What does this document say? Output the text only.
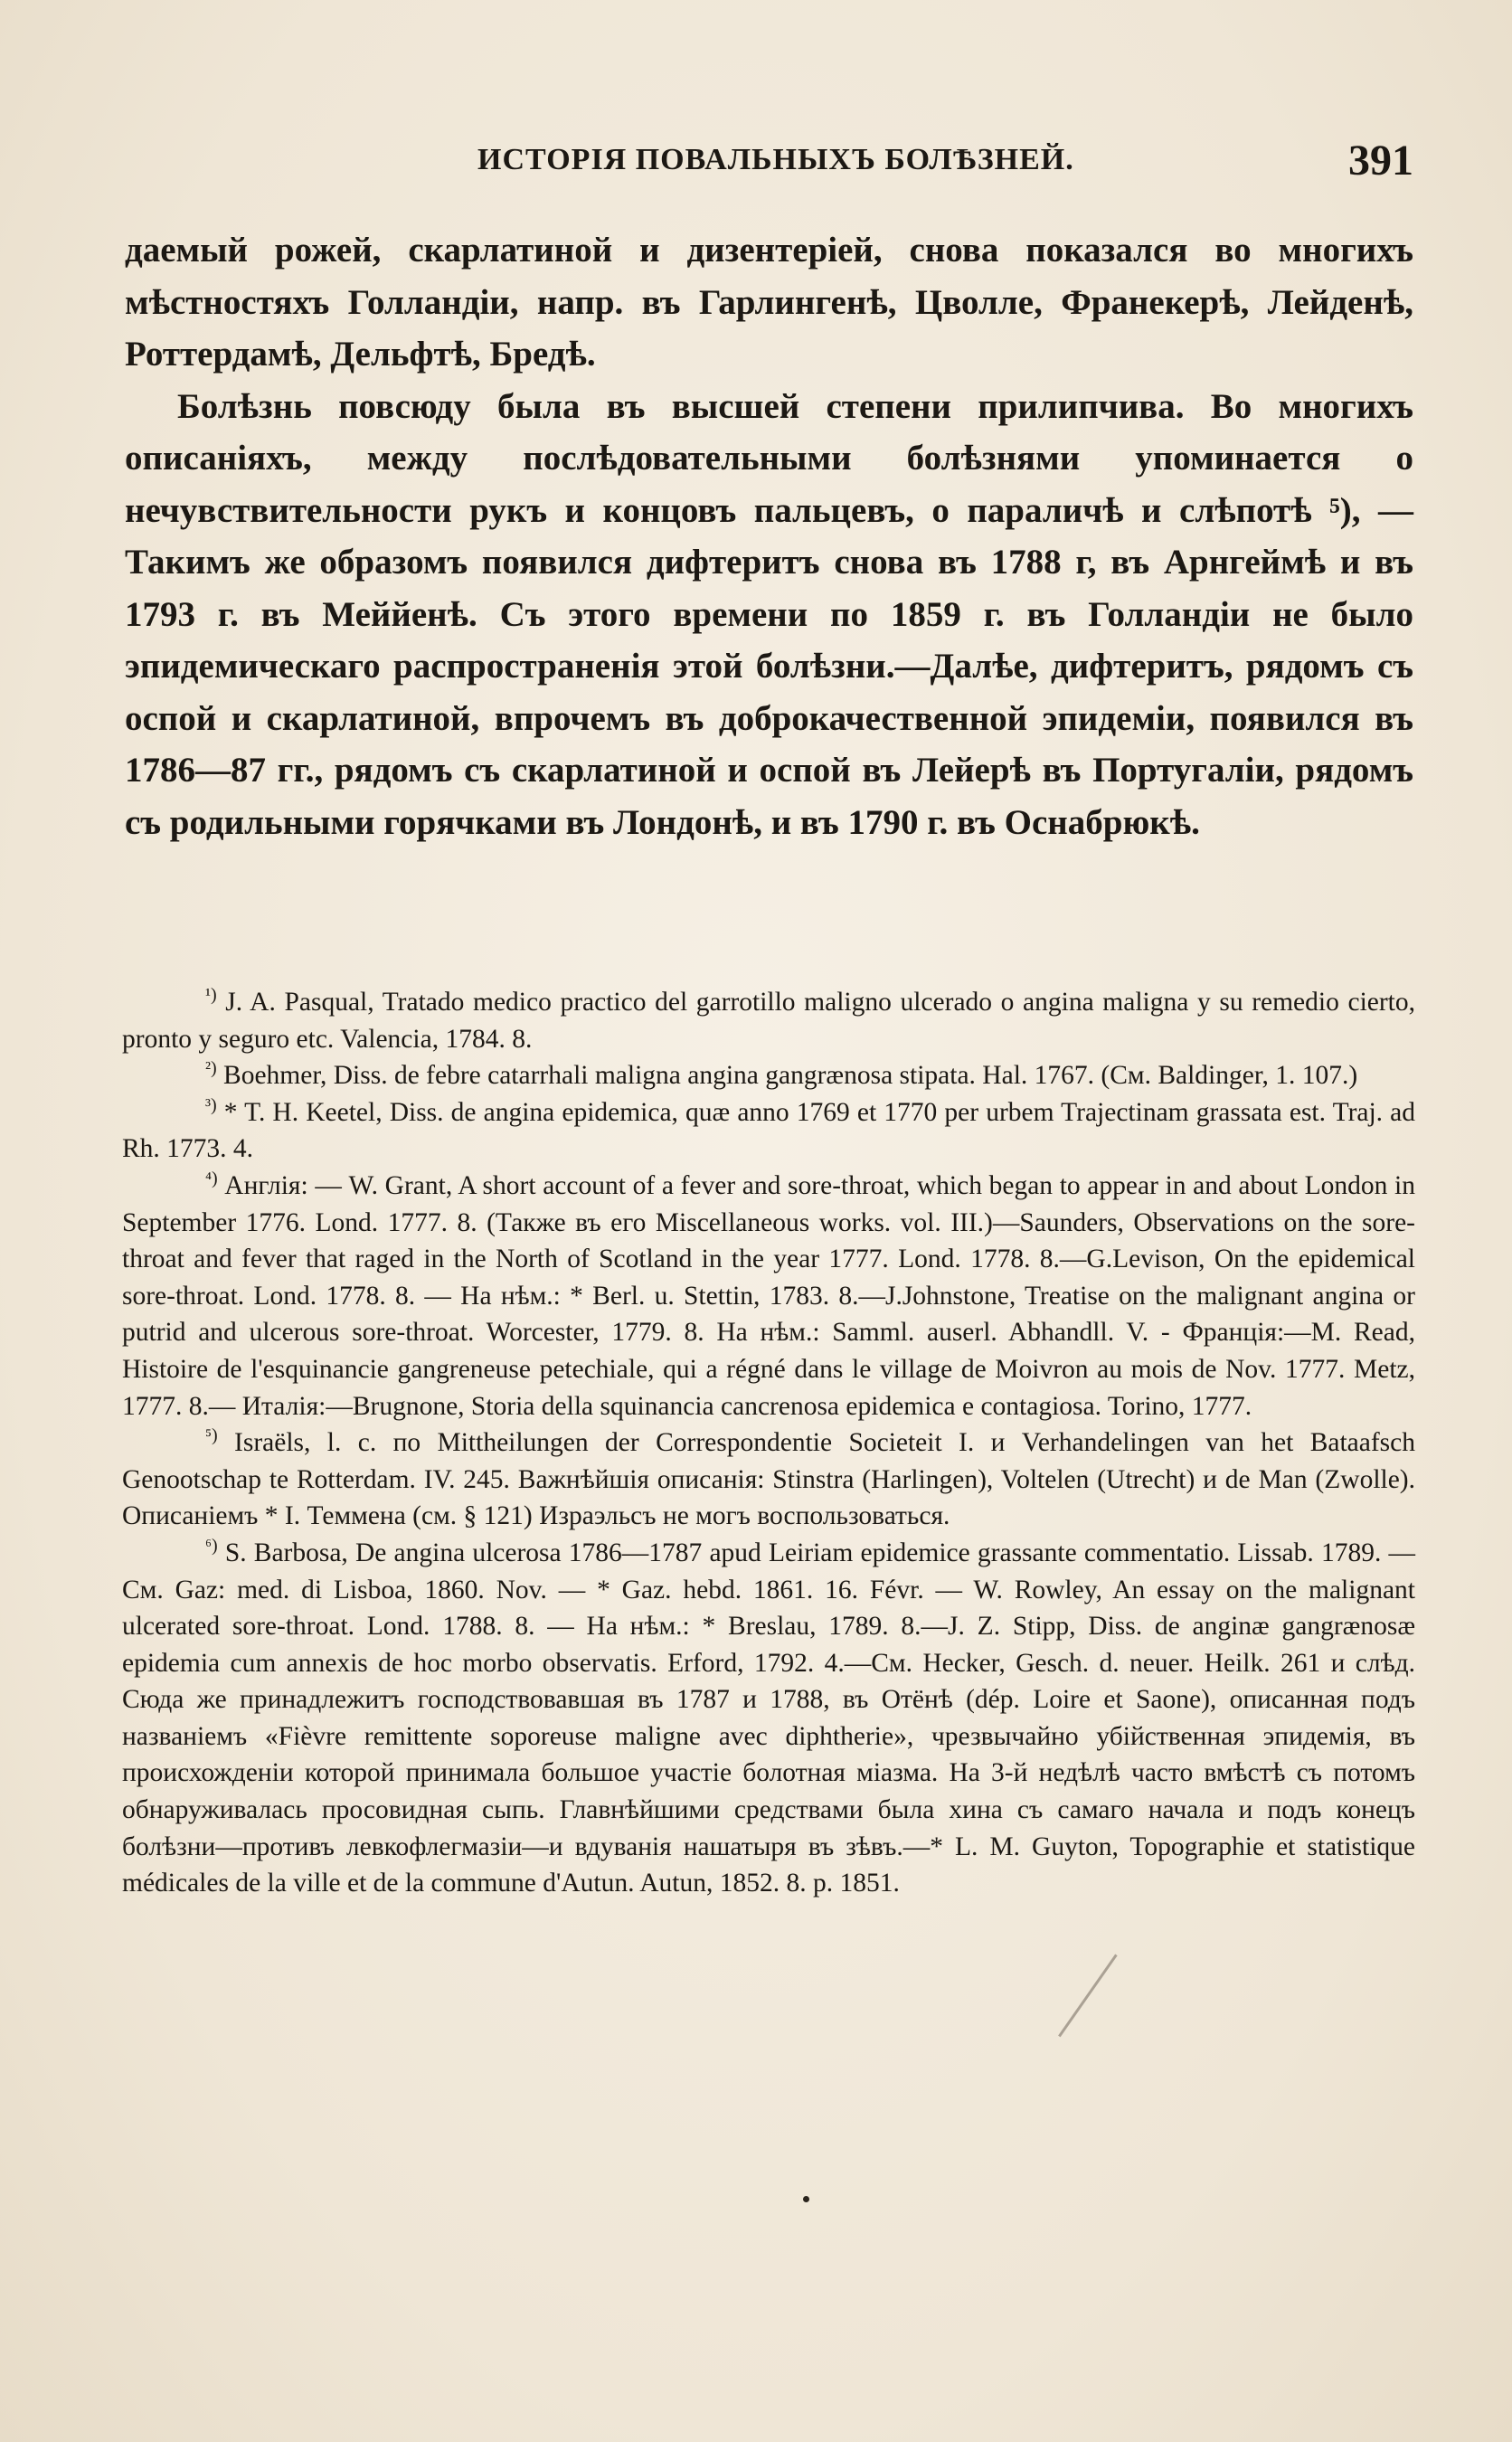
ИСТОРІЯ ПОВАЛЬНЫХЪ БОЛѢЗНЕЙ.	391

даемый рожей, скарлатиной и дизентеріей, снова показался во многихъ мѣстностяхъ Голландіи, напр. въ Гарлингенѣ, Цволле, Франекерѣ, Лейденѣ, Роттердамѣ, Дельфтѣ, Бредѣ.

Болѣзнь повсюду была въ высшей степени прилипчива. Во многихъ описаніяхъ, между послѣдовательными болѣзнями упоминается о нечувствительности рукъ и концовъ пальцевъ, о параличѣ и слѣпотѣ ⁵), — Такимъ же образомъ появился дифтеритъ снова въ 1788 г, въ Арнгеймѣ и въ 1793 г. въ Меййенѣ. Съ этого времени по 1859 г. въ Голландіи не было эпидемическаго распространенія этой болѣзни.—Далѣе, дифтеритъ, рядомъ съ оспой и скарлатиной, впрочемъ въ доброкачественной эпидеміи, появился въ 1786—87 гг., рядомъ съ скарлатиной и оспой въ Лейерѣ въ Португаліи, рядомъ съ родильными горячками въ Лондонѣ, и въ 1790 г. въ Оснабрюкѣ.

$^{^1)}$ J. A. Pasqual, Tratado medico practico del garrotillo maligno ulcerado o angina maligna y su remedio cierto, pronto y seguro etc. Valencia, 1784. 8.

$^{^2)}$ Boehmer, Diss. de febre catarrhali maligna angina gangrænosa stipata. Hal. 1767. (См. Baldinger, 1. 107.)

$^{^3)}$ * T. H. Keetel, Diss. de angina epidemica, quæ anno 1769 et 1770 per urbem Trajectinam grassata est. Traj. ad Rh. 1773. 4.

$^{^4)}$ Англія: — W. Grant, A short account of a fever and sore-throat, which began to appear in and about London in September 1776. Lond. 1777. 8. (Также въ его Miscellaneous works. vol. III.)—Saunders, Observations on the sore-throat and fever that raged in the North of Scotland in the year 1777. Lond. 1778. 8.—G.Levison, On the epidemical sore-throat. Lond. 1778. 8. — На нѣм.: * Berl. u. Stettin, 1783. 8.—J.Johnstone, Treatise on the malignant angina or putrid and ulcerous sore-throat. Worcester, 1779. 8. На нѣм.: Samml. auserl. Abhandll. V. - Франція:—M. Read, Histoire de l'esquinancie gangreneuse petechiale, qui a régné dans le village de Moivron au mois de Nov. 1777. Metz, 1777. 8.— Италія:—Brugnone, Storia della squinancia cancrenosa epidemica e contagiosa. Torino, 1777.

$^{^5)}$ Israëls, l. c. по Mittheilungen der Correspondentie Societeit I. и Verhandelingen van het Bataafsch Genootschap te Rotterdam. IV. 245. Важнѣйшія описанія: Stinstra (Harlingen), Voltelen (Utrecht) и de Man (Zwolle). Описаніемъ * I. Теммена (см. § 121) Израэльсъ не могъ воспользоваться.

$^{^6)}$ S. Barbosa, De angina ulcerosa 1786—1787 apud Leiriam epidemice grassante commentatio. Lissab. 1789. — См. Gaz: med. di Lisboa, 1860. Nov. — * Gaz. hebd. 1861. 16. Févr. — W. Rowley, An essay on the malignant ulcerated sore-throat. Lond. 1788. 8. — На нѣм.: * Breslau, 1789. 8.—J. Z. Stipp, Diss. de anginæ gangrænosæ epidemia cum annexis de hoc morbo observatis. Erford, 1792. 4.—См. Hecker, Gesch. d. neuer. Heilk. 261 и слѣд. Сюда же принадлежитъ господствовавшая въ 1787 и 1788, въ Отёнѣ (dép. Loire et Saone), описанная подъ названіемъ «Fièvre remittente soporeuse maligne avec diphtherie», чрезвычайно убійственная эпидемія, въ происхожденіи которой принимала большое участіе болотная міазма. На 3-й недѣлѣ часто вмѣстѣ съ потомъ обнаруживалась просовидная сыпь. Главнѣйшими средствами была хина съ самаго начала и подъ конецъ болѣзни—противъ левкофлегмазіи—и вдуванія нашатыря въ зѣвъ.—* L. M. Guyton, Topographie et statistique médicales de la ville et de la commune d'Autun. Autun, 1852. 8. p. 1851.
